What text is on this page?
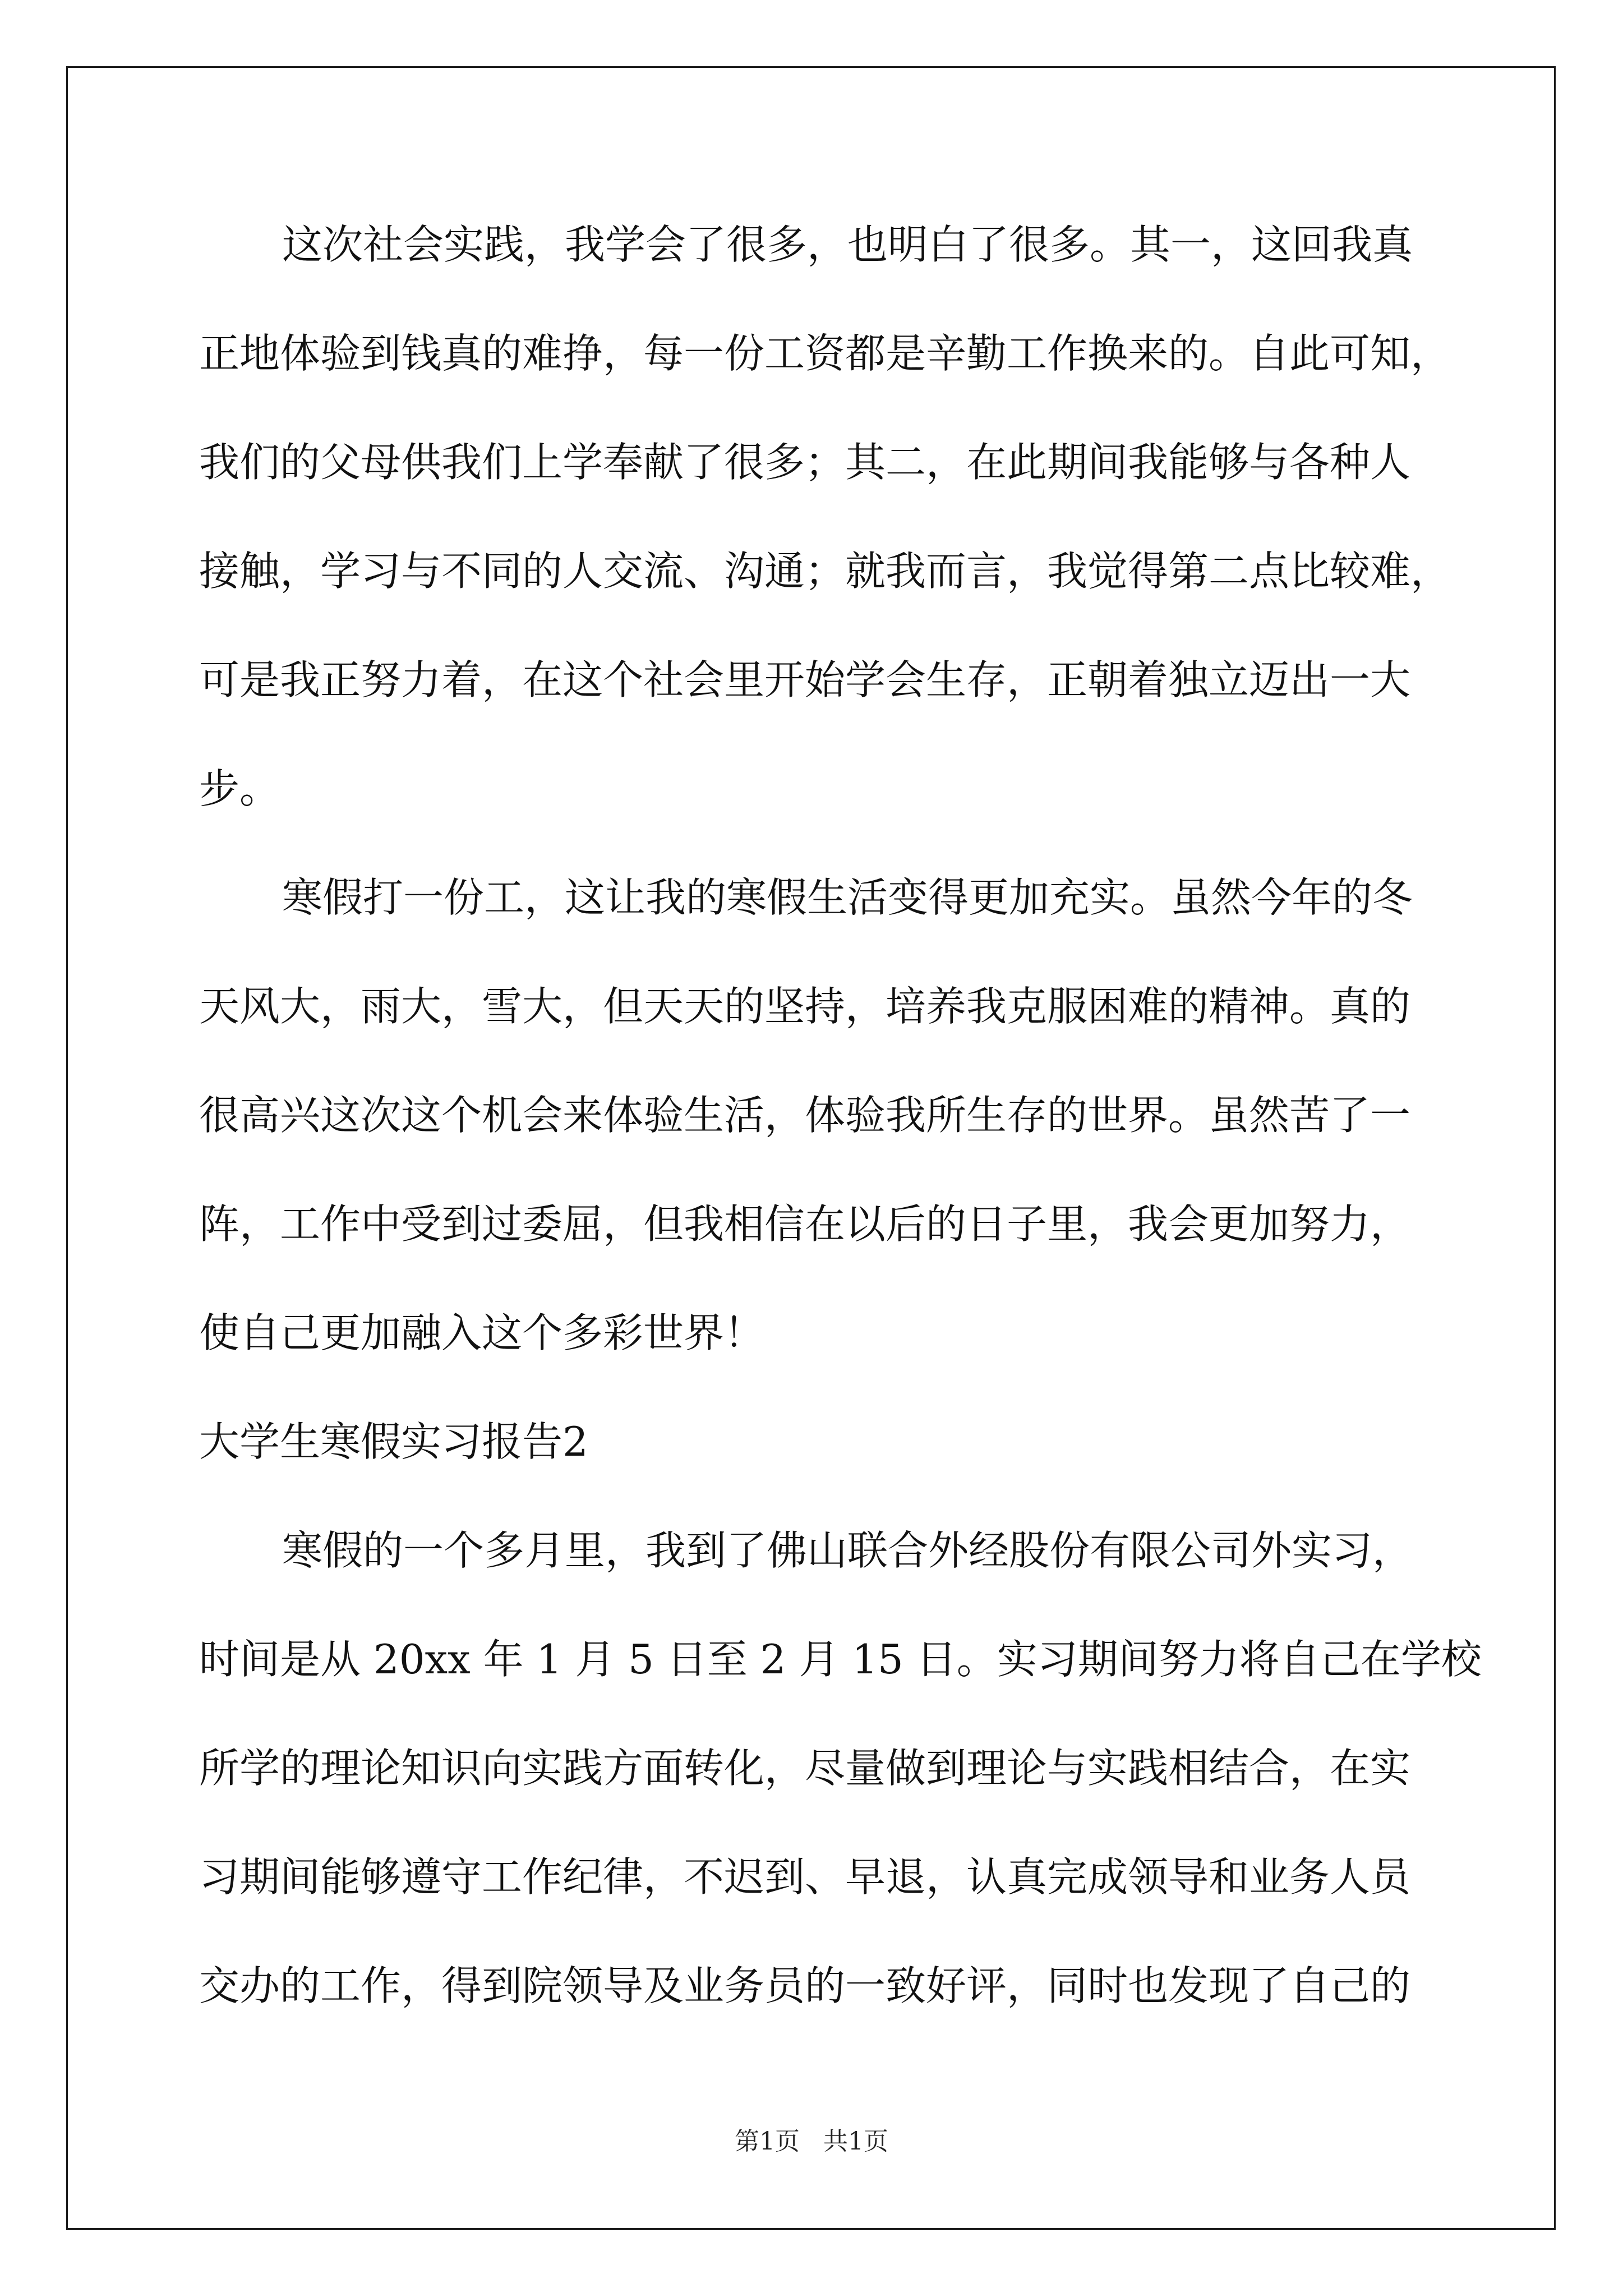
这次社会实践，我学会了很多，也明白了很多。其一，这回我真
正地体验到钱真的难挣，每一份工资都是辛勤工作换来的。自此可知，
我们的父母供我们上学奉献了很多；其二，在此期间我能够与各种人
接触，学习与不同的人交流、沟通；就我而言，我觉得第二点比较难，
可是我正努力着，在这个社会里开始学会生存，正朝着独立迈出一大
步。
寒假打一份工，这让我的寒假生活变得更加充实。虽然今年的冬
天风大，雨大，雪大，但天天的坚持，培养我克服困难的精神。真的
很高兴这次这个机会来体验生活，体验我所生存的世界。虽然苦了一
阵，工作中受到过委屈，但我相信在以后的日子里，我会更加努力，
使自己更加融入这个多彩世界！
大学生寒假实习报告2
寒假的一个多月里，我到了佛山联合外经股份有限公司外实习，
时间是从 20xx 年 1 月 5 日至 2 月 15 日。实习期间努力将自己在学校
所学的理论知识向实践方面转化，尽量做到理论与实践相结合，在实
习期间能够遵守工作纪律，不迟到、早退，认真完成领导和业务人员
交办的工作，得到院领导及业务员的一致好评，同时也发现了自己的
第1页 共1页
